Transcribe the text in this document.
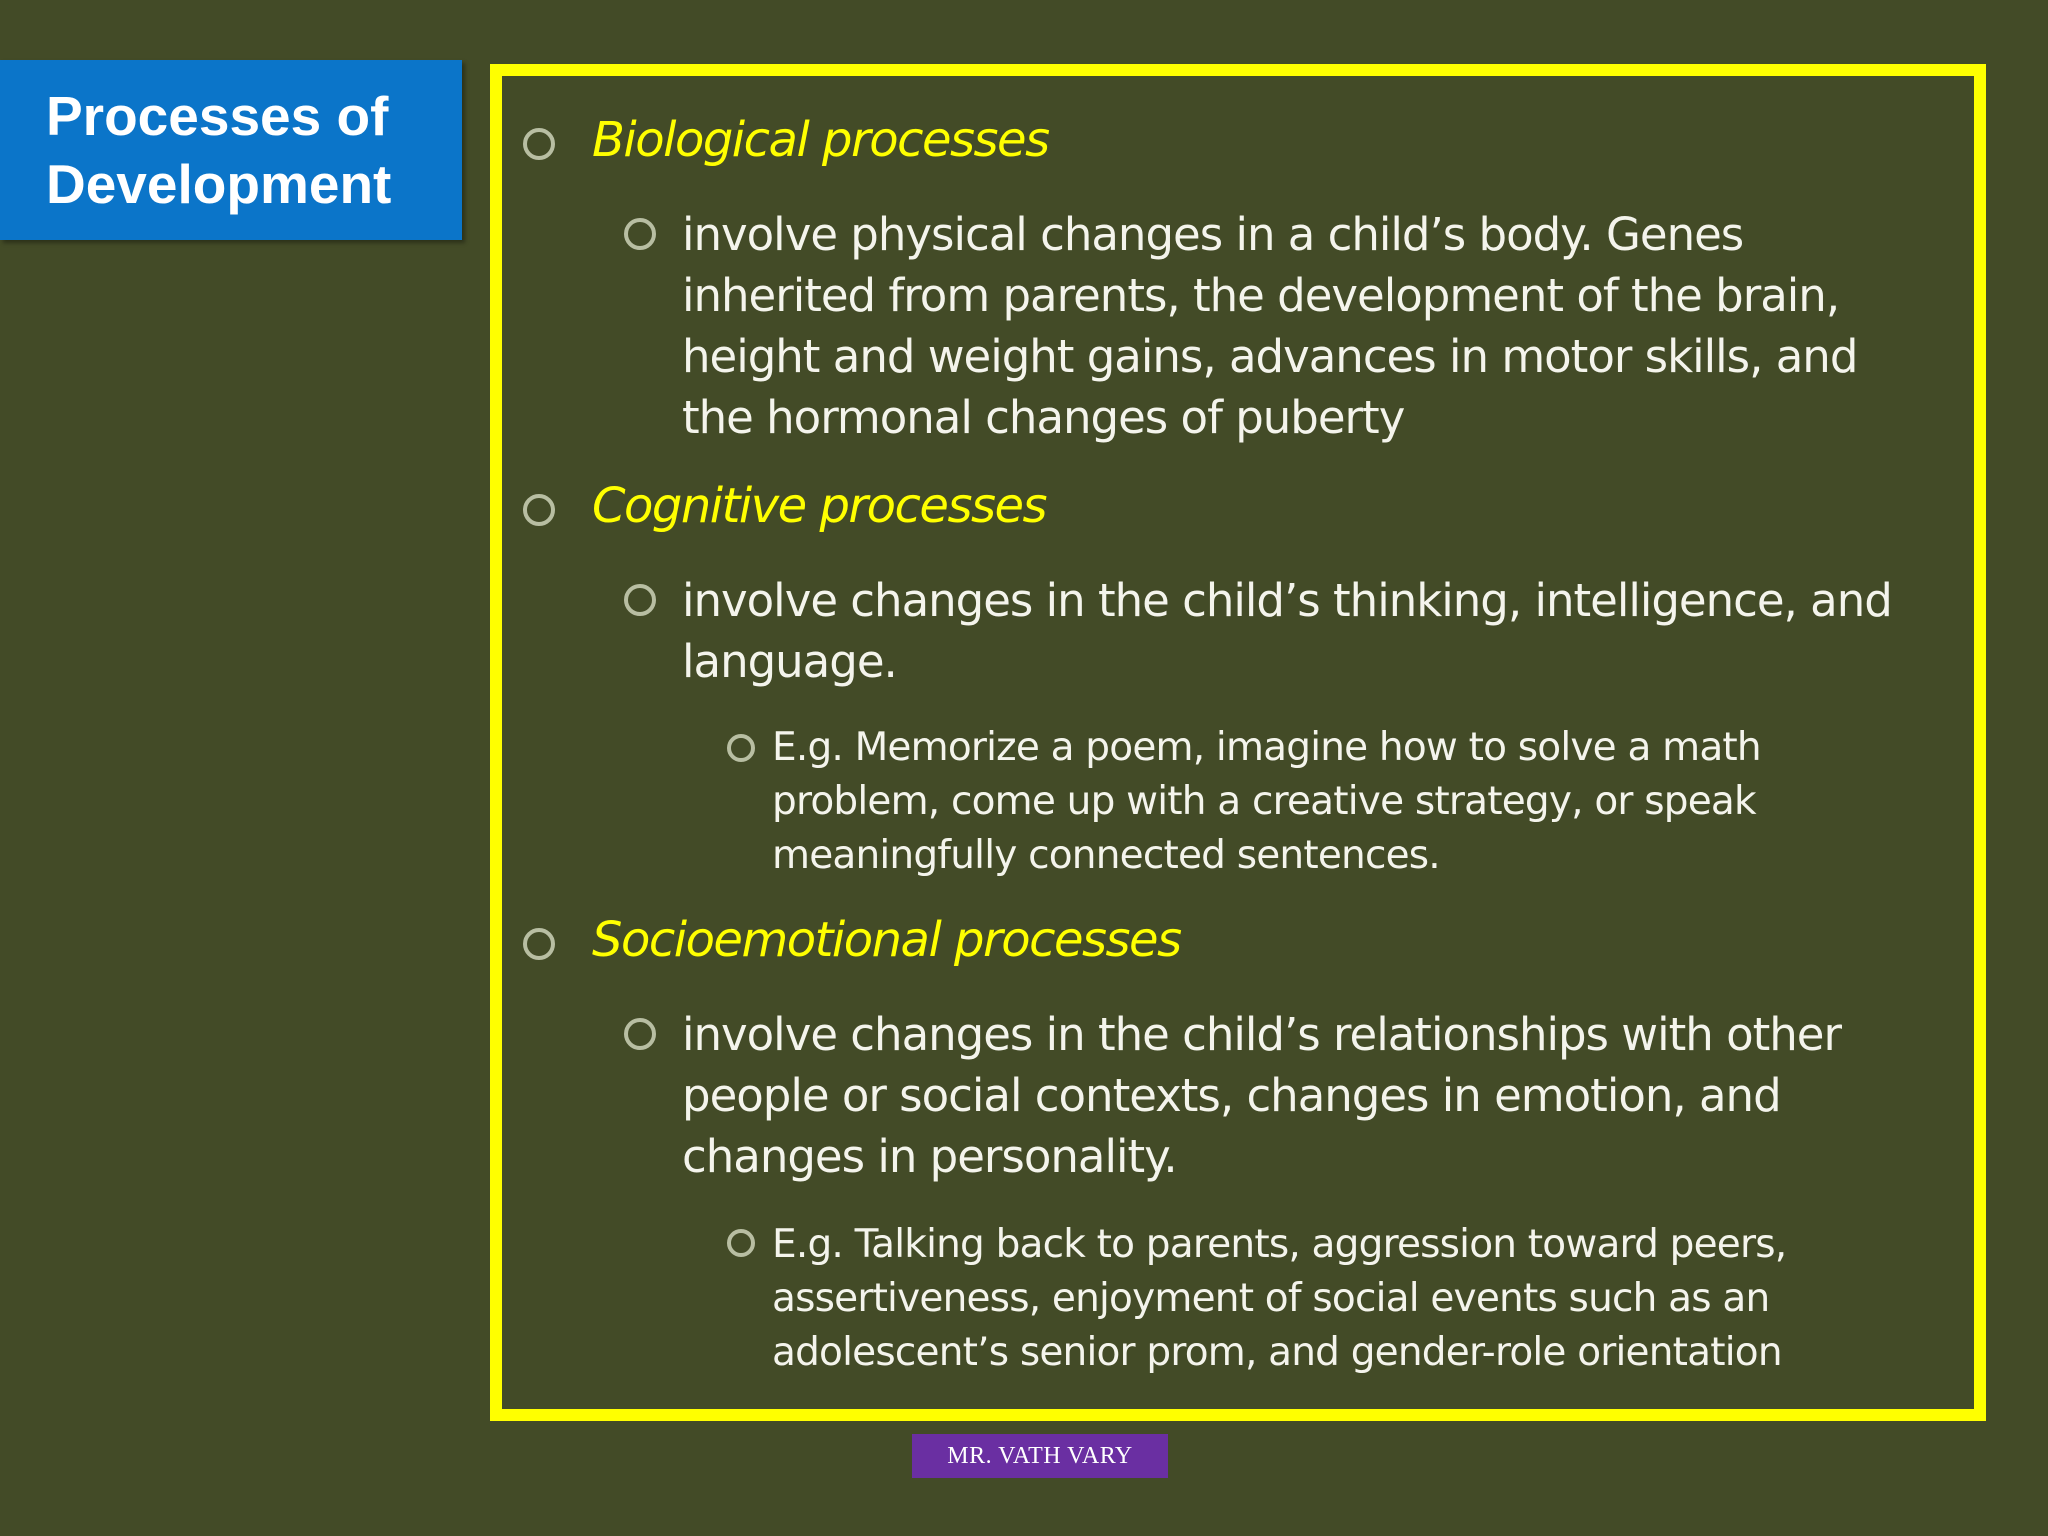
Processes of
Development
Biological processes
involve physical changes in a child’s body. Genes
inherited from parents, the development of the brain,
height and weight gains, advances in motor skills, and
the hormonal changes of puberty
Cognitive processes
involve changes in the child’s thinking, intelligence, and
language.
E.g. Memorize a poem, imagine how to solve a math
problem, come up with a creative strategy, or speak
meaningfully connected sentences.
Socioemotional processes
involve changes in the child’s relationships with other
people or social contexts, changes in emotion, and
changes in personality.
E.g. Talking back to parents, aggression toward peers,
assertiveness, enjoyment of social events such as an
adolescent’s senior prom, and gender-role orientation
MR. VATH VARY
